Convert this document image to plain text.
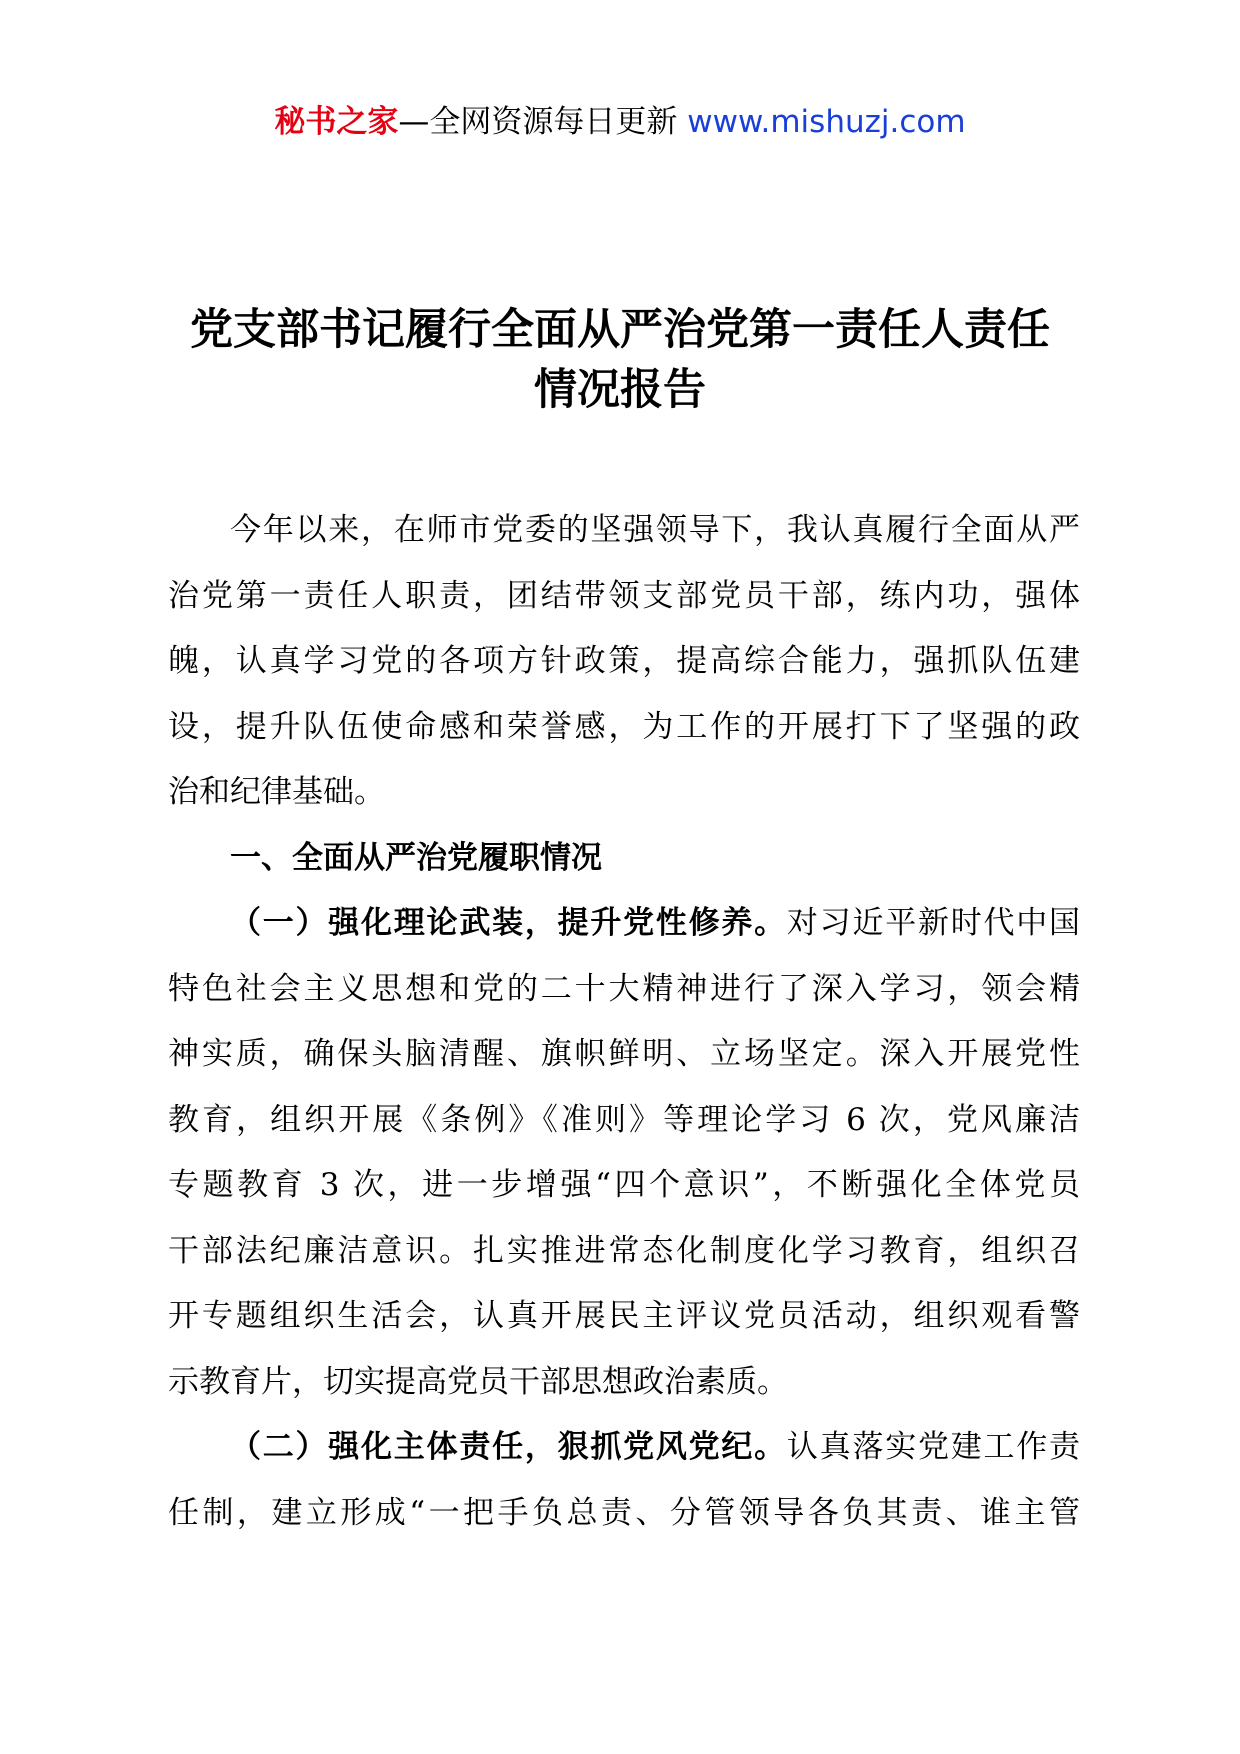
秘书之家—全网资源每日更新 www.mishuzj.com
党支部书记履行全面从严治党第一责任人责任
情况报告
今年以来，在师市党委的坚强领导下，我认真履行全面从严
治党第一责任人职责，团结带领支部党员干部，练内功，强体
魄，认真学习党的各项方针政策，提高综合能力，强抓队伍建
设，提升队伍使命感和荣誉感，为工作的开展打下了坚强的政
治和纪律基础。
一、全面从严治党履职情况
（一）强化理论武装，提升党性修养。对习近平新时代中国
特色社会主义思想和党的二十大精神进行了深入学习，领会精
神实质，确保头脑清醒、旗帜鲜明、立场坚定。深入开展党性
教育，组织开展《条例》《准则》等理论学习 6 次，党风廉洁
专题教育 3 次，进一步增强“四个意识”，不断强化全体党员
干部法纪廉洁意识。扎实推进常态化制度化学习教育，组织召
开专题组织生活会，认真开展民主评议党员活动，组织观看警
示教育片，切实提高党员干部思想政治素质。
（二）强化主体责任，狠抓党风党纪。认真落实党建工作责
任制，建立形成“一把手负总责、分管领导各负其责、谁主管
